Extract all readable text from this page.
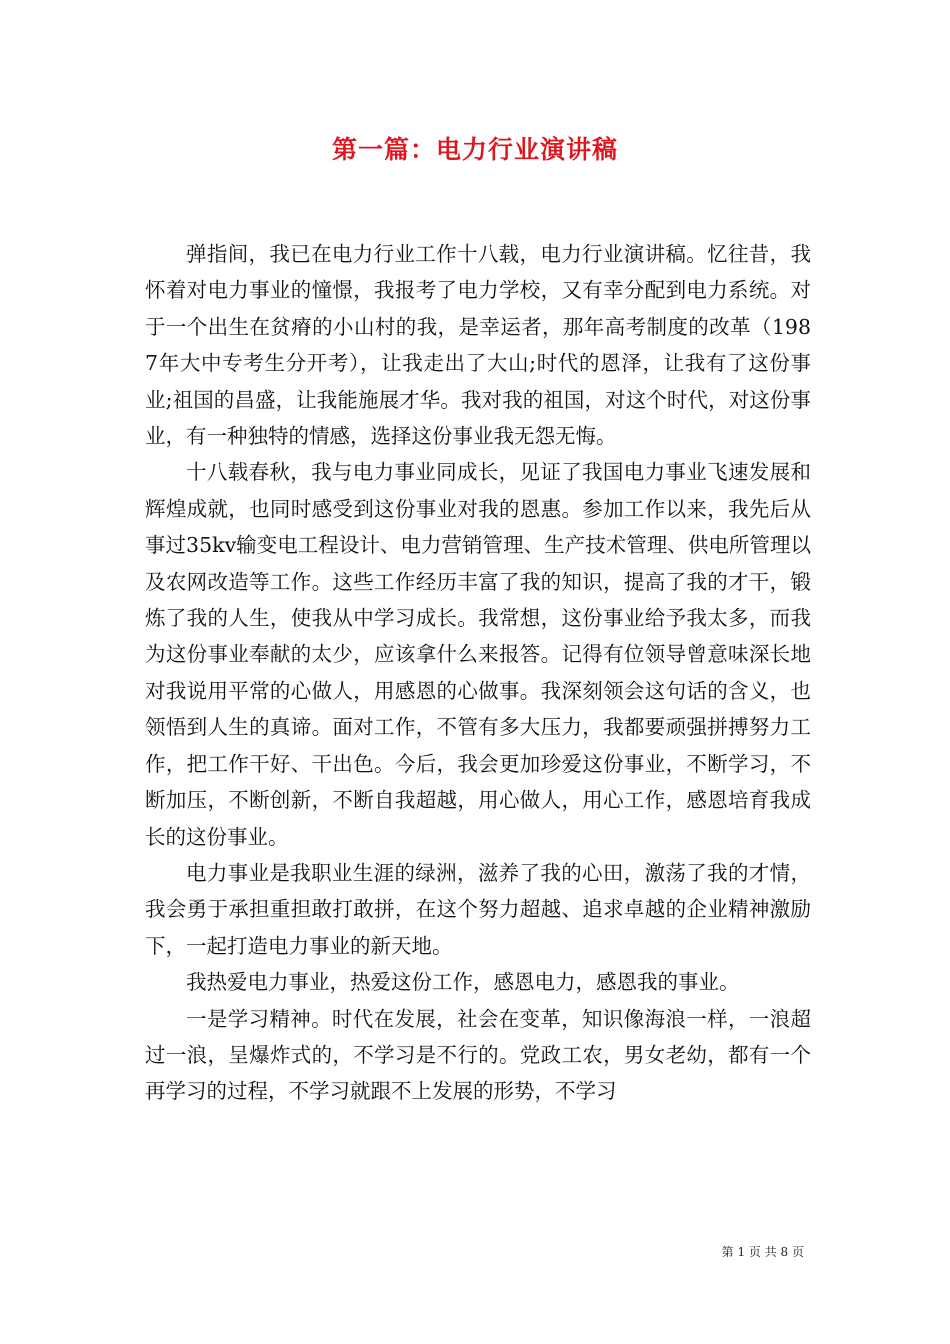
第一篇：电力行业演讲稿

弹指间，我已在电力行业工作十八载，电力行业演讲稿。忆往昔，我怀着对电力事业的憧憬，我报考了电力学校，又有幸分配到电力系统。对于一个出生在贫瘠的小山村的我，是幸运者，那年高考制度的改革（1987年大中专考生分开考），让我走出了大山;时代的恩泽，让我有了这份事业;祖国的昌盛，让我能施展才华。我对我的祖国，对这个时代，对这份事业，有一种独特的情感，选择这份事业我无怨无悔。

十八载春秋，我与电力事业同成长，见证了我国电力事业飞速发展和辉煌成就，也同时感受到这份事业对我的恩惠。参加工作以来，我先后从事过35kv输变电工程设计、电力营销管理、生产技术管理、供电所管理以及农网改造等工作。这些工作经历丰富了我的知识，提高了我的才干，锻炼了我的人生，使我从中学习成长。我常想，这份事业给予我太多，而我为这份事业奉献的太少，应该拿什么来报答。记得有位领导曾意味深长地对我说用平常的心做人，用感恩的心做事。我深刻领会这句话的含义，也领悟到人生的真谛。面对工作，不管有多大压力，我都要顽强拼搏努力工作，把工作干好、干出色。今后，我会更加珍爱这份事业，不断学习，不断加压，不断创新，不断自我超越，用心做人，用心工作，感恩培育我成长的这份事业。

电力事业是我职业生涯的绿洲，滋养了我的心田，激荡了我的才情，我会勇于承担重担敢打敢拼，在这个努力超越、追求卓越的企业精神激励下，一起打造电力事业的新天地。

我热爱电力事业，热爱这份工作，感恩电力，感恩我的事业。

一是学习精神。时代在发展，社会在变革，知识像海浪一样，一浪超过一浪，呈爆炸式的，不学习是不行的。党政工农，男女老幼，都有一个再学习的过程，不学习就跟不上发展的形势，不学习

第 1 页 共 8 页
